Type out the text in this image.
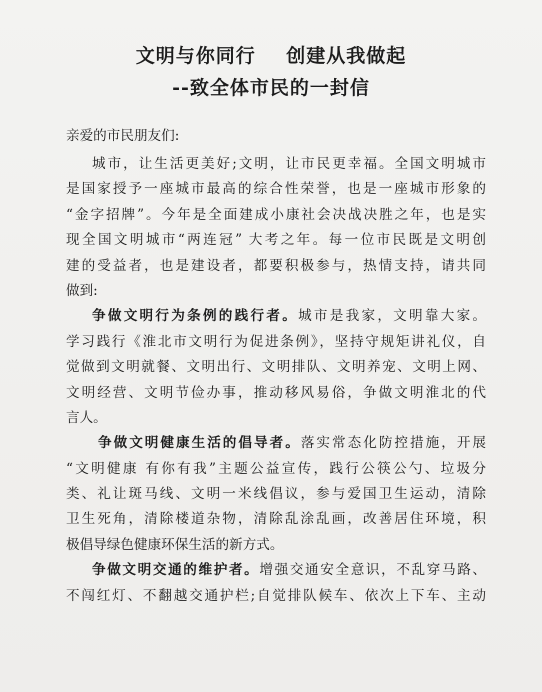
文明与你同行    创建从我做起
--致全体市民的一封信
亲爱的市民朋友们:
城市，让生活更美好;文明，让市民更幸福。全国文明城市
是国家授予一座城市最高的综合性荣誉，也是一座城市形象的
“金字招牌”。今年是全面建成小康社会决战决胜之年，也是实
现全国文明城市“两连冠” 大考之年。每一位市民既是文明创
建的受益者，也是建设者，都要积极参与，热情支持，请共同
做到:
争做文明行为条例的践行者。城市是我家，文明靠大家。
学习践行《淮北市文明行为促进条例》，坚持守规矩讲礼仪，自
觉做到文明就餐、文明出行、文明排队、文明养宠、文明上网、
文明经营、文明节俭办事，推动移风易俗，争做文明淮北的代
言人。
争做文明健康生活的倡导者。落实常态化防控措施，开展
“文明健康 有你有我”主题公益宣传，践行公筷公勺、垃圾分
类、礼让斑马线、文明一米线倡议，参与爱国卫生运动，清除
卫生死角，清除楼道杂物，清除乱涂乱画，改善居住环境，积
极倡导绿色健康环保生活的新方式。
争做文明交通的维护者。增强交通安全意识，不乱穿马路、
不闯红灯、不翻越交通护栏;自觉排队候车、依次上下车、主动
